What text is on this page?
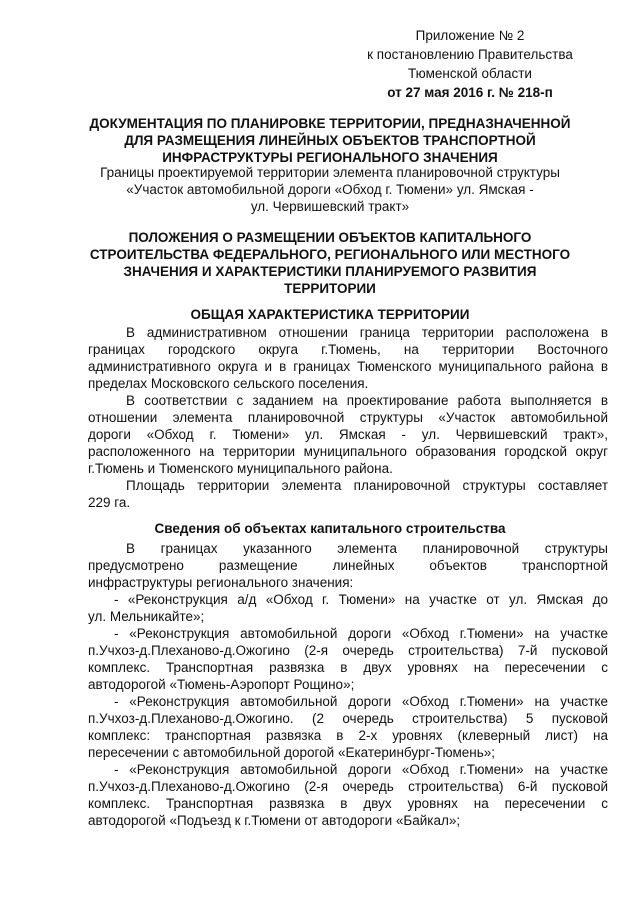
Приложение № 2
к постановлению Правительства
Тюменской области
от 27 мая 2016 г. № 218-п
ДОКУМЕНТАЦИЯ ПО ПЛАНИРОВКЕ ТЕРРИТОРИИ, ПРЕДНАЗНАЧЕННОЙ
ДЛЯ РАЗМЕЩЕНИЯ ЛИНЕЙНЫХ ОБЪЕКТОВ ТРАНСПОРТНОЙ
ИНФРАСТРУКТУРЫ РЕГИОНАЛЬНОГО ЗНАЧЕНИЯ
Границы проектируемой территории элемента планировочной структуры
«Участок автомобильной дороги «Обход г. Тюмени» ул. Ямская -
ул. Червишевский тракт»
ПОЛОЖЕНИЯ О РАЗМЕЩЕНИИ ОБЪЕКТОВ КАПИТАЛЬНОГО
СТРОИТЕЛЬСТВА ФЕДЕРАЛЬНОГО, РЕГИОНАЛЬНОГО ИЛИ МЕСТНОГО
ЗНАЧЕНИЯ И ХАРАКТЕРИСТИКИ ПЛАНИРУЕМОГО РАЗВИТИЯ
ТЕРРИТОРИИ
ОБЩАЯ ХАРАКТЕРИСТИКА ТЕРРИТОРИИ
В административном отношении граница территории расположена в
границах городского округа г.Тюмень, на территории Восточного
административного округа и в границах Тюменского муниципального района в
пределах Московского сельского поселения.
В соответствии с заданием на проектирование работа выполняется в
отношении элемента планировочной структуры «Участок автомобильной
дороги «Обход г. Тюмени» ул. Ямская - ул. Червишевский тракт»,
расположенного на территории муниципального образования городской округ
г.Тюмень и Тюменского муниципального района.
Площадь территории элемента планировочной структуры составляет
229 га.
Сведения об объектах капитального строительства
В границах указанного элемента планировочной структуры
предусмотрено размещение линейных объектов транспортной
инфраструктуры регионального значения:
- «Реконструкция а/д «Обход г. Тюмени» на участке от ул. Ямская до
ул. Мельникайте»;
- «Реконструкция автомобильной дороги «Обход г.Тюмени» на участке
п.Учхоз-д.Плеханово-д.Ожогино (2-я очередь строительства) 7-й пусковой
комплекс. Транспортная развязка в двух уровнях на пересечении с
автодорогой «Тюмень-Аэропорт Рощино»;
- «Реконструкция автомобильной дороги «Обход г.Тюмени» на участке
п.Учхоз-д.Плеханово-д.Ожогино. (2 очередь строительства) 5 пусковой
комплекс: транспортная развязка в 2-х уровнях (клеверный лист) на
пересечении с автомобильной дорогой «Екатеринбург-Тюмень»;
- «Реконструкция автомобильной дороги «Обход г.Тюмени» на участке
п.Учхоз-д.Плеханово-д.Ожогино (2-я очередь строительства) 6-й пусковой
комплекс. Транспортная развязка в двух уровнях на пересечении с
автодорогой «Подъезд к г.Тюмени от автодороги «Байкал»;
